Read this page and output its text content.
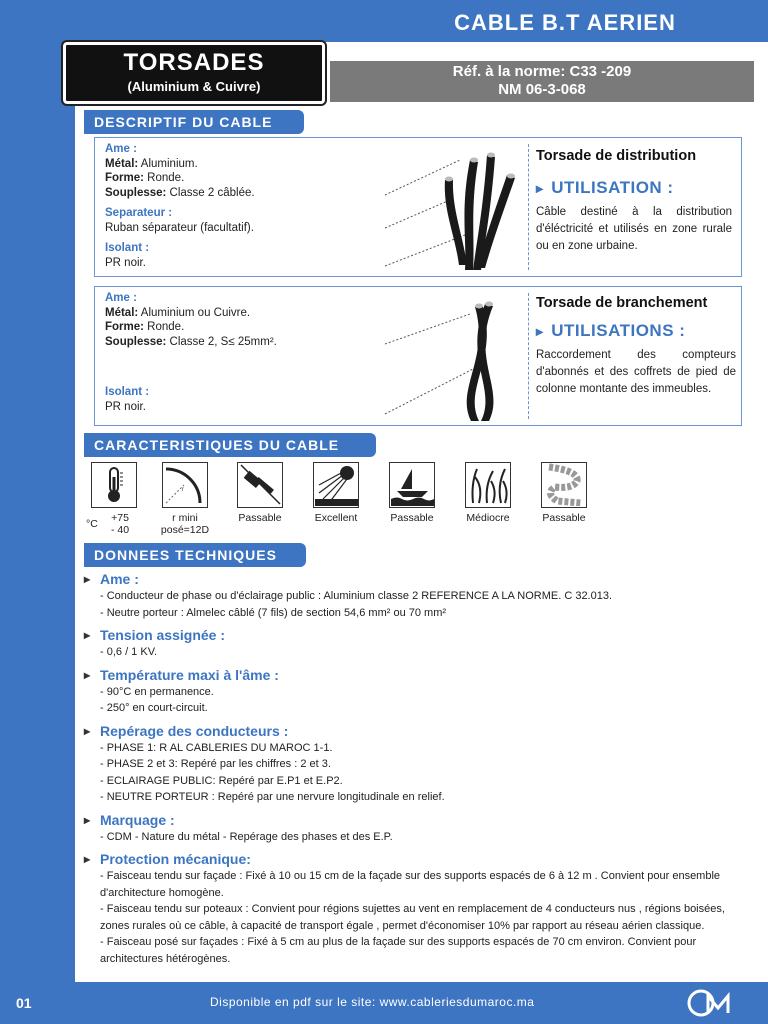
CABLE B.T AERIEN
TORSADES
(Aluminium & Cuivre)
Réf. à la norme: C33 -209
NM 06-3-068
DESCRIPTIF DU CABLE
Ame :
Métal: Aluminium.
Forme: Ronde.
Souplesse: Classe 2 câblée.
Separateur :
Ruban séparateur (facultatif).
Isolant :
PR noir.
Torsade de distribution
▸ UTILISATION :
Câble destiné à la distribution d'éléctricité et utilisés en zone rurale ou en zone urbaine.
Ame :
Métal: Aluminium ou Cuivre.
Forme: Ronde.
Souplesse: Classe 2, S≤ 25mm².
Isolant :
PR noir.
Torsade de branchement
▸ UTILISATIONS :
Raccordement des compteurs d'abonnés et des coffrets de pied de colonne montante des immeubles.
CARACTERISTIQUES DU CABLE
°C	+75
- 40
r
r mini
posé=12D
Passable	Excellent	Passable	Médiocre	Passable
DONNEES TECHNIQUES
▸ Ame :
- Conducteur de phase ou d'éclairage public : Aluminium classe 2 REFERENCE A LA NORME. C 32.013.
- Neutre porteur : Almelec câblé (7 fils) de section 54,6 mm² ou 70 mm²
▸ Tension assignée :
- 0,6 / 1 KV.
▸ Température maxi à l'âme :
- 90°C en permanence.
- 250° en court-circuit.
▸ Repérage des conducteurs :
- PHASE 1: R AL CABLERIES DU MAROC 1-1.
- PHASE 2 et 3: Repéré par les chiffres : 2 et 3.
- ECLAIRAGE PUBLIC: Repéré par E.P1 et E.P2.
- NEUTRE PORTEUR : Repéré par une nervure longitudinale en relief.
▸ Marquage :
- CDM - Nature du métal - Repérage des phases et des E.P.
▸ Protection mécanique:
- Faisceau tendu sur façade : Fixé à 10 ou 15 cm de la façade sur des supports espacés de 6 à 12 m . Convient pour ensemble d'architecture homogène.
- Faisceau tendu sur poteaux : Convient pour régions sujettes au vent en remplacement de 4 conducteurs nus , régions boisées, zones rurales où ce câble, à capacité de transport égale , permet d'économiser 10% par rapport au réseau aérien classique.
- Faisceau posé sur façades : Fixé à 5 cm au plus de la façade sur des supports espacés de 70 cm environ. Convient pour architectures hétérogènes.
01	Disponible en pdf sur le site: www.cableriesdumaroc.ma
